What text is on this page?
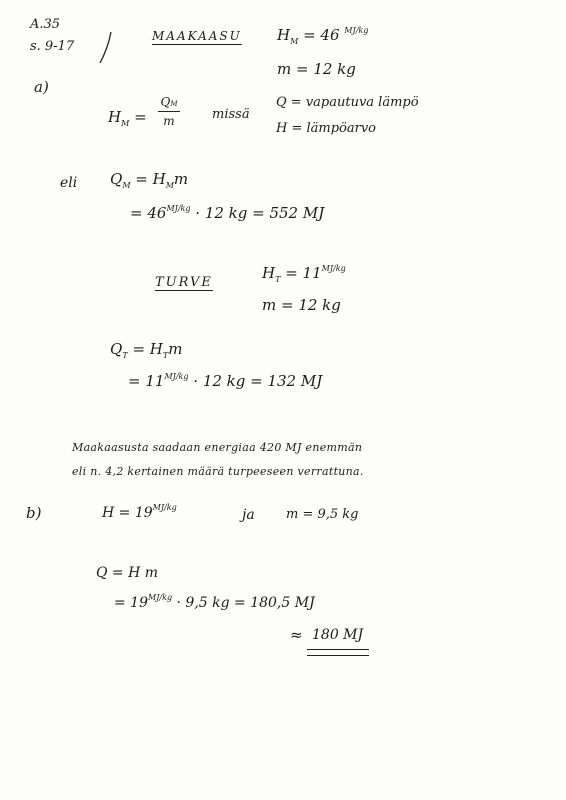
A.35
s. 9-17
MAAKAASU $H_M = 46$ $^{MJ/kg}$
m = 12 kg
a)
$H_M$ =
QM
m	missä
Q = vapautuva lämpö
H = lämpöarvo
eli $Q_M = H_Mm$
= $46^{MJ/kg} \cdot 12$ kg = 552 MJ
TURVE
$H_T = 11^{MJ/kg}$
m = 12 kg
$Q_T = H_Tm$
= $11^{MJ/kg} \cdot 12$ kg = 132 MJ
Maakaasusta saadaan energiaa 420 MJ enemmän
eli n. 4,2 kertainen määrä turpeeseen verrattuna.
b)	$H = 19^{MJ/kg}$	ja m = 9,5 kg
Q = H m
= $19^{MJ/kg} \cdot 9,5$ kg = 180,5 MJ
≈ 180 MJ
